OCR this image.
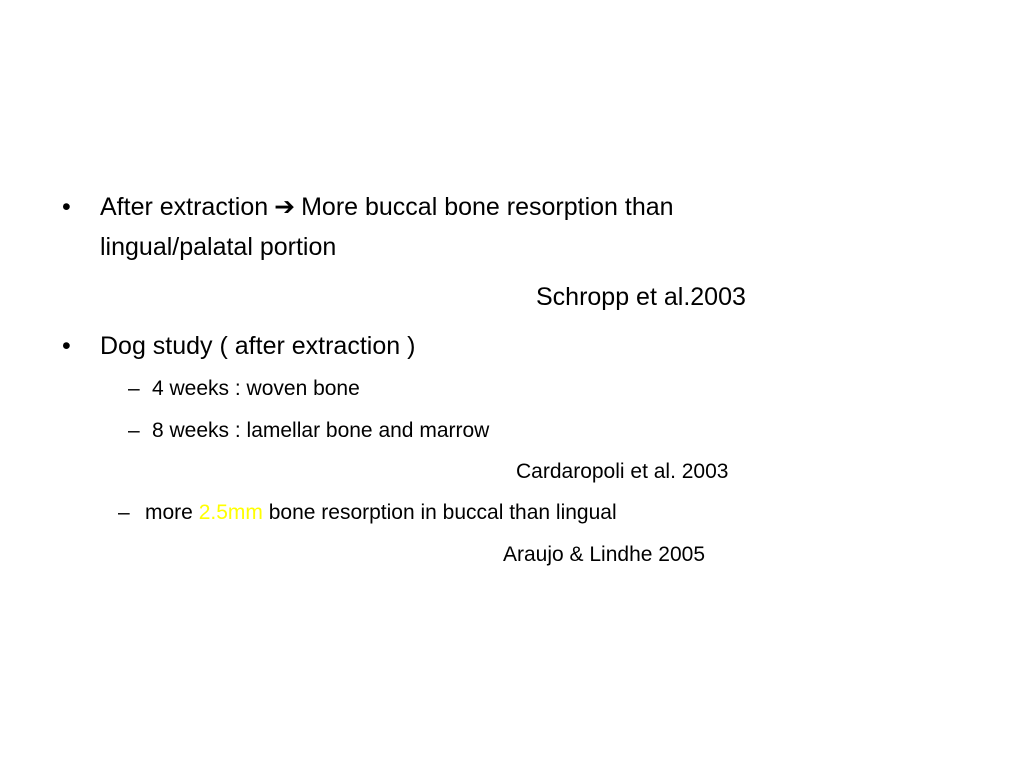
• After extraction ➔ More buccal bone resorption than
lingual/palatal portion
Schropp et al.2003
• Dog study ( after extraction )
– 4 weeks : woven bone
– 8 weeks : lamellar bone and marrow
Cardaropoli et al. 2003
– more 2.5mm bone resorption in buccal than lingual
Araujo & Lindhe 2005
